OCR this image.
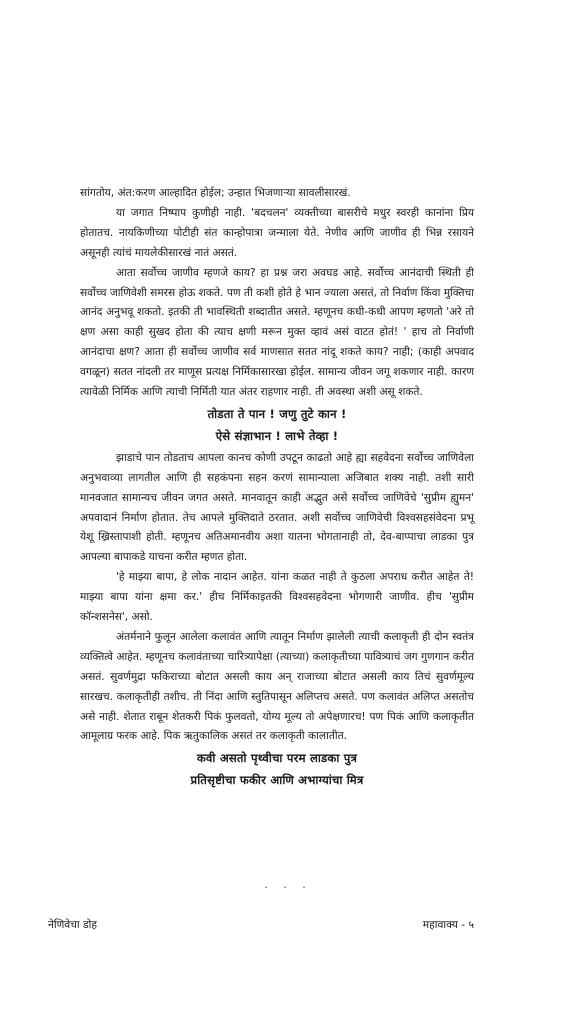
सांगतोय, अंत:करण आल्हादित होईल; उन्हात भिजणाऱ्या सावलीसारखं.

या जगात निष्पाप कुणीही नाही. 'बदचलन' व्यक्तीच्या बासरीचे मधुर स्वरही कानांना प्रिय होतातच. नायकिणीच्या पोटीही संत कान्होपात्रा जन्माला येते. नेणीव आणि जाणीव ही भिन्न रसायने असूनही त्यांचं मायलेकीसारखं नातं असतं.

आता सर्वोच्च जाणीव म्हणजे काय? हा प्रश्न जरा अवघड आहे. सर्वोच्च आनंदाची स्थिती ही सर्वोच्च जाणिवेशी समरस होऊ शकते. पण ती कशी होते हे भान ज्याला असतं, तो निर्वाण किंवा मुक्तिचा आनंद अनुभवू शकतो. इतकी ती भावस्थिती शब्दातीत असते. म्हणूनच कधी-कधी आपण म्हणतो 'अरे तो क्षण असा काही सुखद होता की त्याच क्षणी मरून मुक्त व्हावं असं वाटत होतं! ' हाच तो निर्वाणी आनंदाचा क्षण? आता ही सर्वोच्च जाणीव सर्व माणसात सतत नांदू शकते काय? नाही; (काही अपवाद वगळून) सतत नांदली तर माणूस प्रत्यक्ष निर्मिकासारखा होईल. सामान्य जीवन जगू शकणार नाही. कारण त्यावेळी निर्मिक आणि त्याची निर्मिती यात अंतर राहणार नाही. ती अवस्था अशी असू शकते.

तोडता ते पान ! जणु तुटे कान !
ऐसे संज्ञाभान ! लाभे तेव्हा !

झाडाचे पान तोडताच आपला कानच कोणी उपटून काढतो आहे ह्या सहवेदना सर्वोच्च जाणिवेला अनुभवाव्या लागतील आणि ही सहकंपना सहन करणं सामान्याला अजिबात शक्य नाही. तशी सारी मानवजात सामान्यच जीवन जगत असते. मानवातून काही अद्भुत असे सर्वोच्च जाणिवेचे 'सुप्रीम ह्युमन' अपवादानं निर्माण होतात. तेच आपले मुक्तिदाते ठरतात. अशी सर्वोच्च जाणिवेची विश्वसहसंवेदना प्रभू येशू ख्रिस्तापाशी होती. म्हणूनच अतिअमानवीय अशा यातना भोगतानाही तो, देव-बाप्पाचा लाडका पुत्र आपल्या बापाकडे याचना करीत म्हणत होता.

'हे माझ्या बापा, हे लोक नादान आहेत. यांना कळत नाही ते कुठला अपराध करीत आहेत ते! माझ्या बापा यांना क्षमा कर.' हीच निर्मिकाइतकी विश्वसहवेदना भोगणारी जाणीव. हीच 'सुप्रीम कॉन्शसनेस', असो.

अंतर्मनाने फुलून आलेला कलावंत आणि त्यातून निर्माण झालेली त्याची कलाकृती ही दोन स्वतंत्र व्यक्तित्वे आहेत. म्हणूनच कलावंताच्या चारित्र्यापेक्षा (त्याच्या) कलाकृतीच्या पावित्र्याचं जग गुणगान करीत असतं. सुवर्णमुद्रा फकिराच्या बोटात असली काय अन् राजाच्या बोटात असली काय तिचं सुवर्णमूल्य सारखच. कलाकृतीही तशीच. ती निंदा आणि स्तुतिपासून अलिप्तच असते. पण कलावंत अलिप्त असतोच असे नाही. शेतात राबून शेतकरी पिकं फुलवतो, योग्य मूल्य तो अपेक्षणारच! पण पिकं आणि कलाकृतीत आमूलाग्र फरक आहे. पिक ऋतुकालिक असतं तर कलाकृती कालातीत.

कवी असतो पृथ्वीचा परम लाडका पुत्र
प्रतिसृष्टीचा फकीर आणि अभाग्यांचा मित्र
. . .
नेणिवेचा डोह	महावाक्य - ५
